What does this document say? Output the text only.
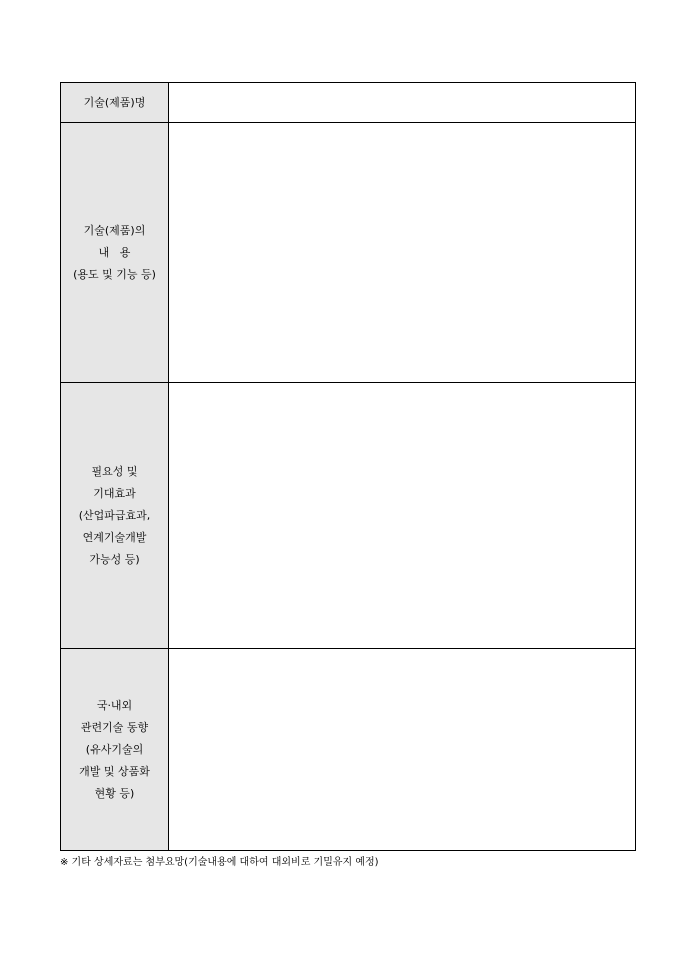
기술(제품)명	

기술(제품)의
내   용
(용도 및 기능 등)	

필요성 및
기대효과
(산업파급효과,
연계기술개발
가능성 등)	

국·내외
관련기술 동향
(유사기술의
개발 및 상품화
현황 등)	

※ 기타 상세자료는 첨부요망(기술내용에 대하여 대외비로 기밀유지 예정)
